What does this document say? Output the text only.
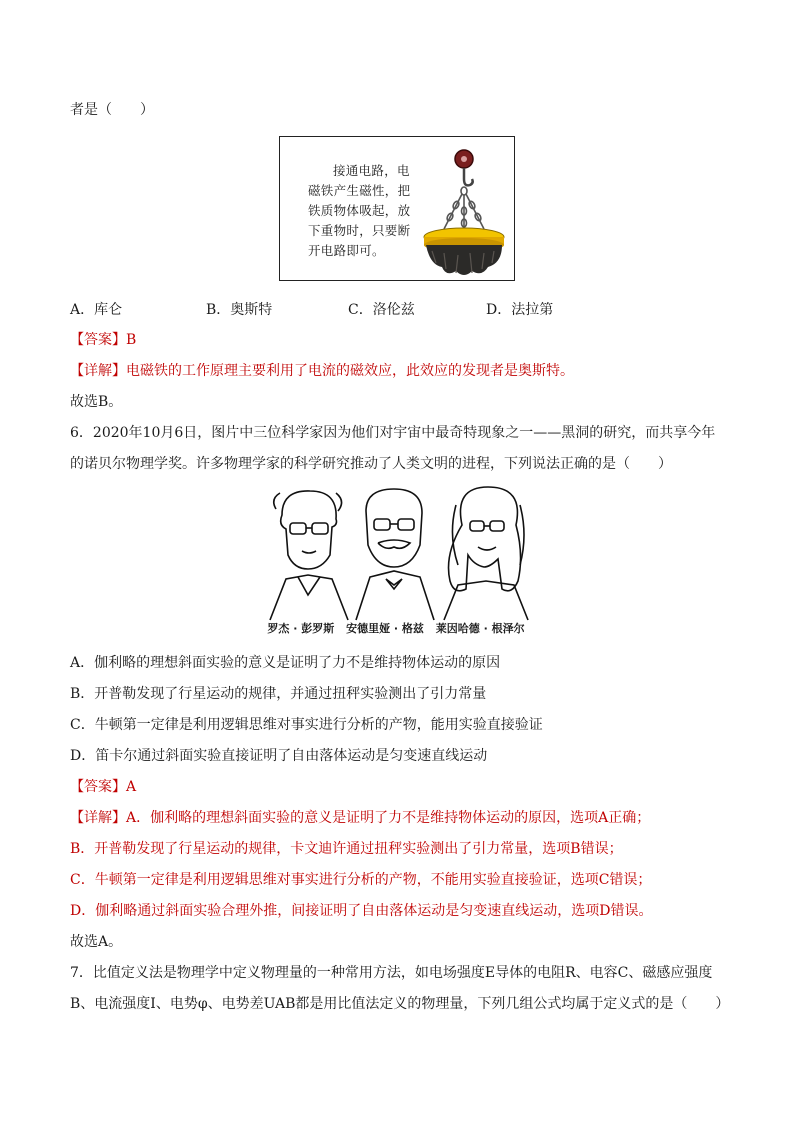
者是（　　）
接通电路，电
磁铁产生磁性，把
铁质物体吸起，放
下重物时，只要断
开电路即可。
A．库仑	B．奥斯特	C．洛伦兹	D．法拉第
【答案】B
【详解】电磁铁的工作原理主要利用了电流的磁效应，此效应的发现者是奥斯特。
故选B。
6．2020年10月6日，图片中三位科学家因为他们对宇宙中最奇特现象之一——黑洞的研究，而共享今年
的诺贝尔物理学奖。许多物理学家的科学研究推动了人类文明的进程，下列说法正确的是（　　）
罗杰 · 彭罗斯 安德里娅 · 格兹 莱因哈德 · 根泽尔
A．伽利略的理想斜面实验的意义是证明了力不是维持物体运动的原因
B．开普勒发现了行星运动的规律，并通过扭秤实验测出了引力常量
C．牛顿第一定律是利用逻辑思维对事实进行分析的产物，能用实验直接验证
D．笛卡尔通过斜面实验直接证明了自由落体运动是匀变速直线运动
【答案】A
【详解】A．伽利略的理想斜面实验的意义是证明了力不是维持物体运动的原因，选项A正确；
B．开普勒发现了行星运动的规律，卡文迪许通过扭秤实验测出了引力常量，选项B错误；
C．牛顿第一定律是利用逻辑思维对事实进行分析的产物，不能用实验直接验证，选项C错误；
D．伽利略通过斜面实验合理外推，间接证明了自由落体运动是匀变速直线运动，选项D错误。
故选A。
7．比值定义法是物理学中定义物理量的一种常用方法，如电场强度E导体的电阻R、电容C、磁感应强度
B、电流强度I、电势φ、电势差UAB都是用比值法定义的物理量，下列几组公式均属于定义式的是（　　）
